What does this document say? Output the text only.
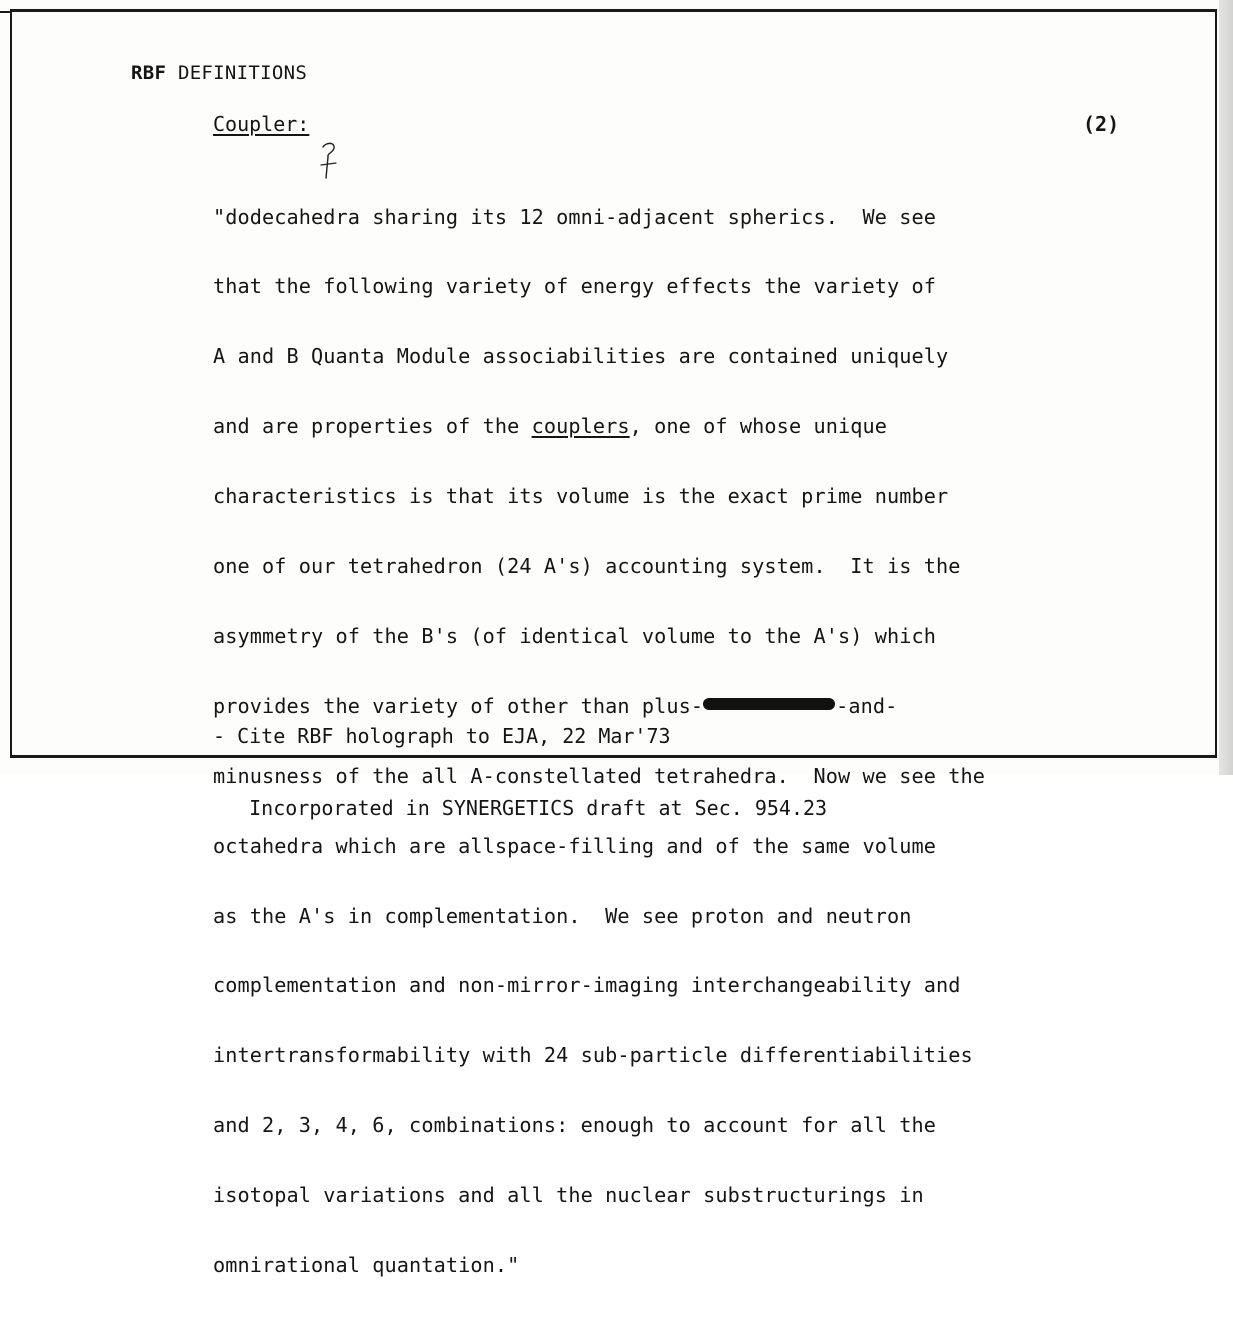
RBF DEFINITIONS
Coupler:	(2)

"dodecahedra sharing its 12 omni-adjacent spherics.  We see

that the following variety of energy effects the variety of

A and B Quanta Module associabilities are contained uniquely

and are properties of the couplers, one of whose unique

characteristics is that its volume is the exact prime number

one of our tetrahedron (24 A's) accounting system.  It is the

asymmetry of the B's (of identical volume to the A's) which

provides the variety of other than plus-	-and-

minusness of the all A-constellated tetrahedra.  Now we see the

octahedra which are allspace-filling and of the same volume

as the A's in complementation.  We see proton and neutron

complementation and non-mirror-imaging interchangeability and

intertransformability with 24 sub-particle differentiabilities

and 2, 3, 4, 6, combinations: enough to account for all the

isotopal variations and all the nuclear substructurings in

omnirational quantation."

- Cite RBF holograph to EJA, 22 Mar'73

Incorporated in SYNERGETICS draft at Sec. 954.23
